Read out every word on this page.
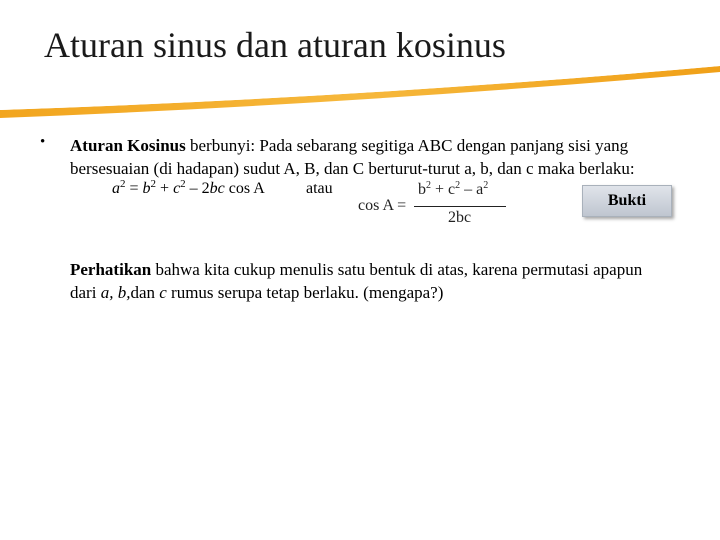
Aturan sinus dan aturan kosinus
• Aturan Kosinus berbunyi: Pada sebarang segitiga ABC dengan panjang sisi yang
bersesuaian (di hadapan) sudut A, B, dan C berturut-turut a, b, dan c maka berlaku:
$a^2 = b^2 + c^2 - 2bc$ cos A	atau
cos A =
$b^2 + c^2 - a^2$
2bc
Bukti
Perhatikan bahwa kita cukup menulis satu bentuk di atas, karena permutasi apapun
dari a, b,dan c rumus serupa tetap berlaku. (mengapa?)
